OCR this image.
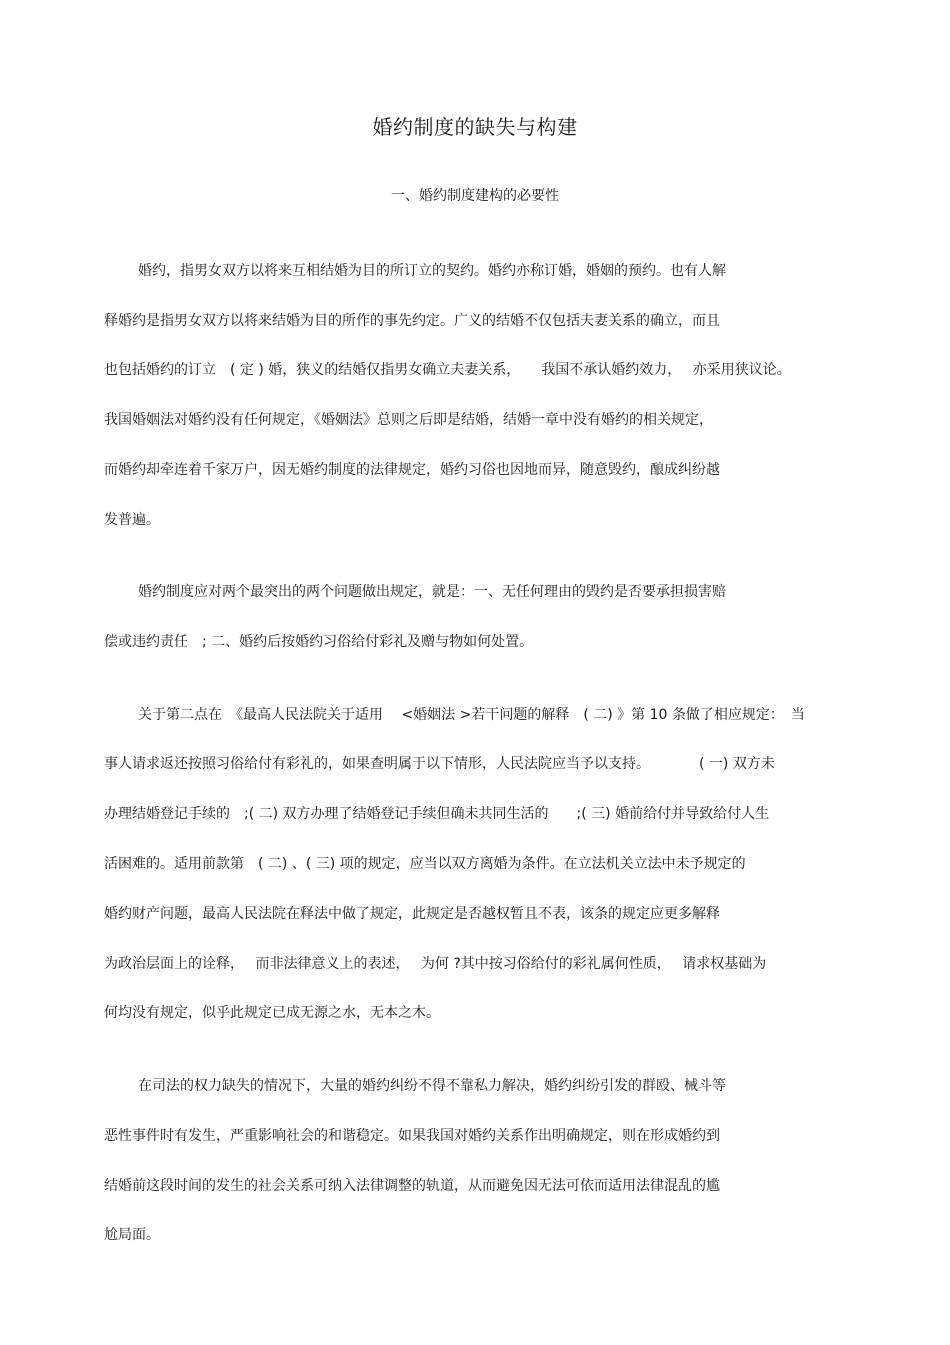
婚约制度的缺失与构建
一、婚约制度建构的必要性
婚约，指男女双方以将来互相结婚为目的所订立的契约。婚约亦称订婚，婚姻的预约。也有人解
释婚约是指男女双方以将来结婚为目的所作的事先约定。广义的结婚不仅包括夫妻关系的确立，而且
也包括婚约的订立　( 定 ) 婚，狭义的结婚仅指男女确立夫妻关系，　　我国不承认婚约效力，　 亦采用狭议论。
我国婚姻法对婚约没有任何规定，《婚姻法》总则之后即是结婚，结婚一章中没有婚约的相关规定，
而婚约却牵连着千家万户，因无婚约制度的法律规定，婚约习俗也因地而异，随意毁约，酿成纠纷越
发普遍。
婚约制度应对两个最突出的两个问题做出规定，就是：一、无任何理由的毁约是否要承担损害赔
偿或违约责任　; 二、婚约后按婚约习俗给付彩礼及赠与物如何处置。
关于第二点在　《最高人民法院关于适用　 <婚姻法 >若干问题的解释　( 二) 》第 10 条做了相应规定：　当
事人请求返还按照习俗给付有彩礼的，如果查明属于以下情形，人民法院应当予以支持。　　　　( 一) 双方未
办理结婚登记手续的　;( 二) 双方办理了结婚登记手续但确未共同生活的　　;( 三) 婚前给付并导致给付人生
活困难的。适用前款第　( 二) 、( 三) 项的规定，应当以双方离婚为条件。在立法机关立法中未予规定的
婚约财产问题，最高人民法院在释法中做了规定，此规定是否越权暂且不表，该条的规定应更多解释
为政治层面上的诠释，　 而非法律意义上的表述，　 为何 ?其中按习俗给付的彩礼属何性质，　 请求权基础为
何均没有规定，似乎此规定已成无源之水，无本之木。
在司法的权力缺失的情况下，大量的婚约纠纷不得不靠私力解决，婚约纠纷引发的群殴、械斗等
恶性事件时有发生，严重影响社会的和谐稳定。如果我国对婚约关系作出明确规定，则在形成婚约到
结婚前这段时间的发生的社会关系可纳入法律调整的轨道，从而避免因无法可依而适用法律混乱的尴
尬局面。
